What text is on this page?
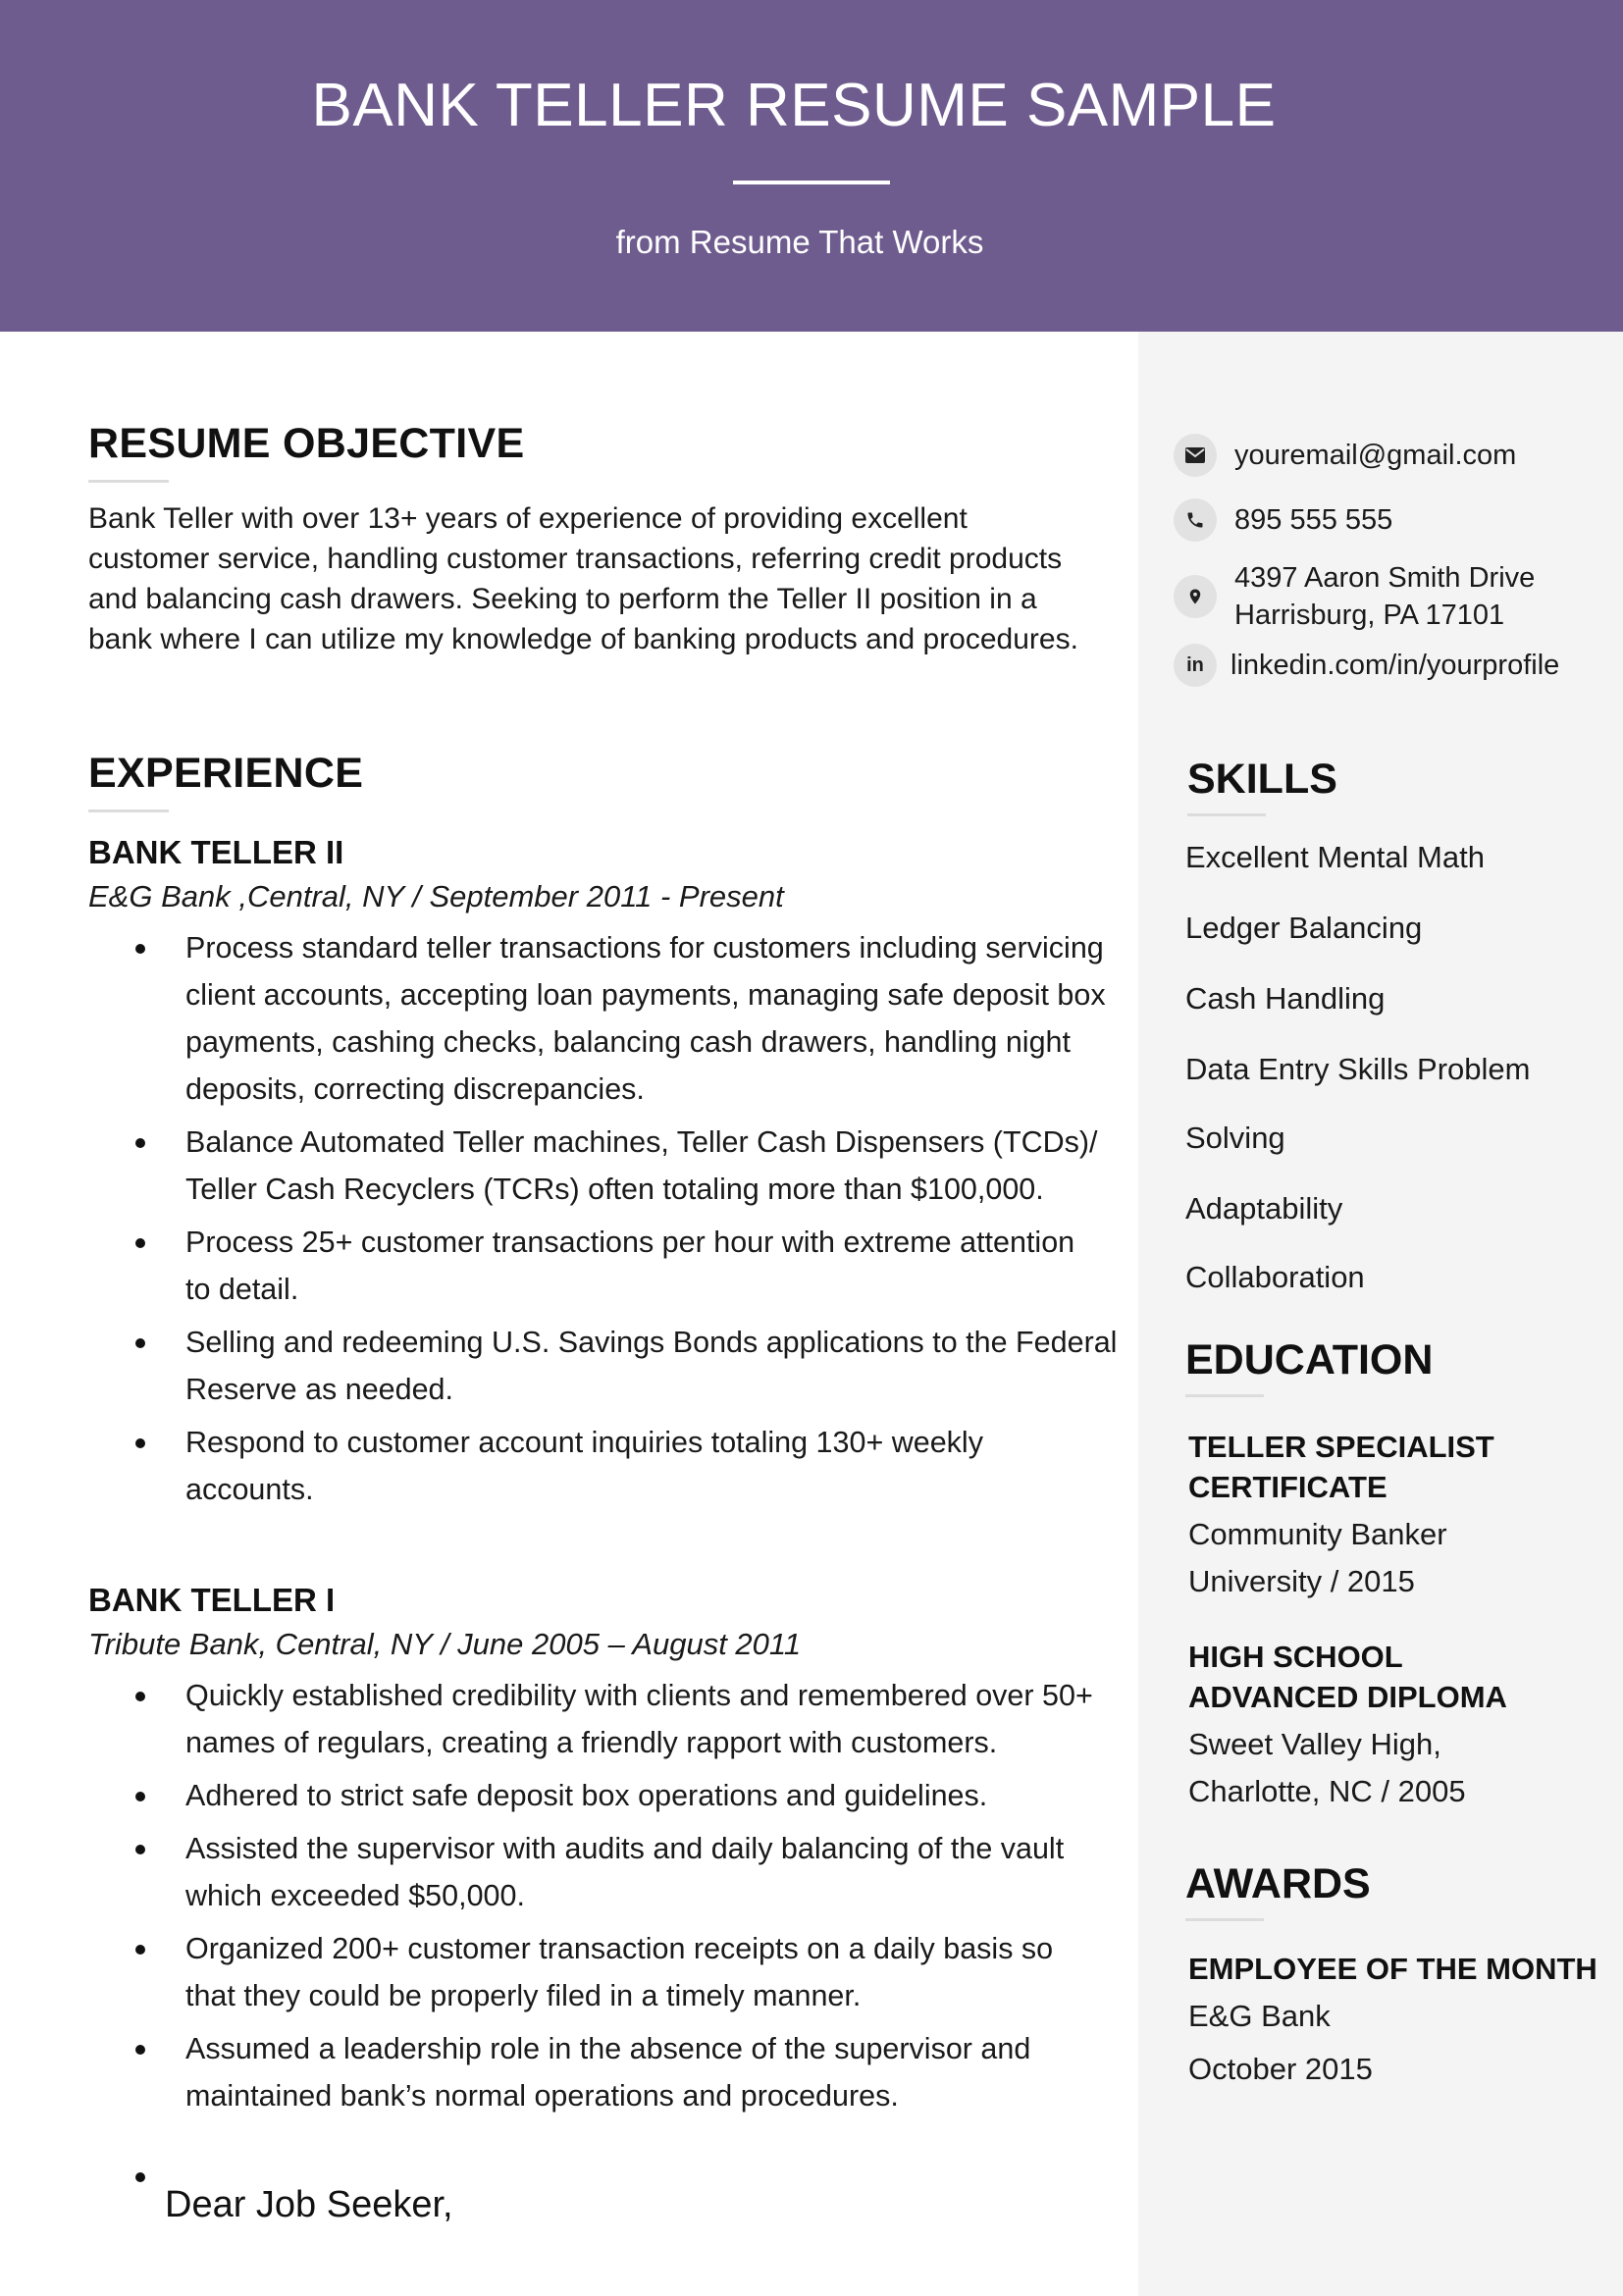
BANK TELLER RESUME SAMPLE
from Resume That Works
RESUME OBJECTIVE

Bank Teller with over 13+ years of experience of providing excellent
customer service, handling customer transactions, referring credit products
and balancing cash drawers. Seeking to perform the Teller II position in a
bank where I can utilize my knowledge of banking products and procedures.

EXPERIENCE
BANK TELLER II

E&G Bank ,Central, NY / September 2011 - Present

Process standard teller transactions for customers including servicing
client accounts, accepting loan payments, managing safe deposit box
payments, cashing checks, balancing cash drawers, handling night
deposits, correcting discrepancies.
Balance Automated Teller machines, Teller Cash Dispensers (TCDs)/
Teller Cash Recyclers (TCRs) often totaling more than $100,000.
Process 25+ customer transactions per hour with extreme attention
to detail.
Selling and redeeming U.S. Savings Bonds applications to the Federal
Reserve as needed.
Respond to customer account inquiries totaling 130+ weekly
accounts.
BANK TELLER I

Tribute Bank, Central, NY / June 2005 – August 2011

Quickly established credibility with clients and remembered over 50+
names of regulars, creating a friendly rapport with customers.
Adhered to strict safe deposit box operations and guidelines.
Assisted the supervisor with audits and daily balancing of the vault
which exceeded $50,000.
Organized 200+ customer transaction receipts on a daily basis so
that they could be properly filed in a timely manner.
Assumed a leadership role in the absence of the supervisor and
maintained bank’s normal operations and procedures.
Dear Job Seeker,
youremail@gmail.com
895 555 555
4397 Aaron Smith Drive
Harrisburg, PA 17101
in linkedin.com/in/yourprofile
SKILLS
Excellent Mental Math
Ledger Balancing
Cash Handling
Data Entry Skills Problem
Solving
Adaptability
Collaboration
EDUCATION

TELLER SPECIALIST
CERTIFICATE

Community Banker
University / 2015

HIGH SCHOOL
ADVANCED DIPLOMA

Sweet Valley High,
Charlotte, NC / 2005

AWARDS

EMPLOYEE OF THE MONTH

E&G Bank

October 2015
